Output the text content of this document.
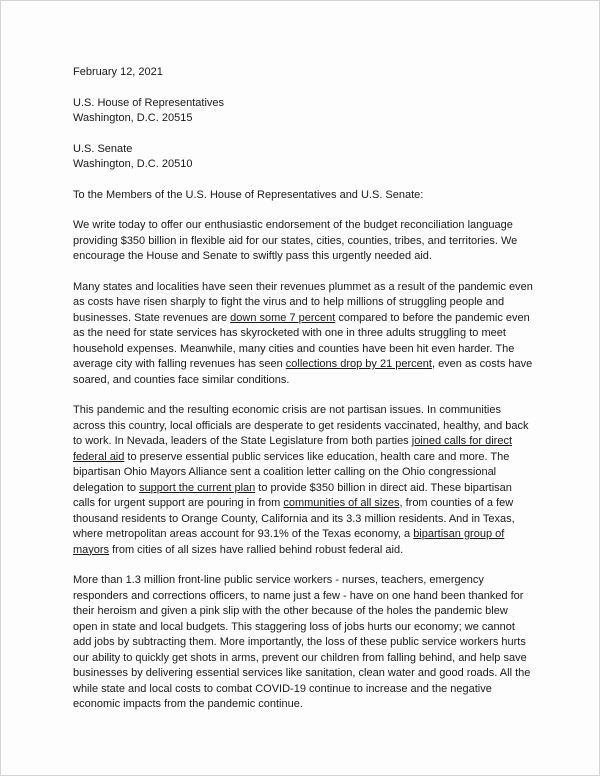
February 12, 2021
U.S. House of Representatives
Washington, D.C. 20515
U.S. Senate
Washington, D.C. 20510
To the Members of the U.S. House of Representatives and U.S. Senate:

We write today to offer our enthusiastic endorsement of the budget reconciliation language providing $350 billion in flexible aid for our states, cities, counties, tribes, and territories. We encourage the House and Senate to swiftly pass this urgently needed aid.

Many states and localities have seen their revenues plummet as a result of the pandemic even as costs have risen sharply to fight the virus and to help millions of struggling people and businesses. State revenues are down some 7 percent compared to before the pandemic even as the need for state services has skyrocketed with one in three adults struggling to meet household expenses. Meanwhile, many cities and counties have been hit even harder. The average city with falling revenues has seen collections drop by 21 percent, even as costs have soared, and counties face similar conditions.

This pandemic and the resulting economic crisis are not partisan issues. In communities across this country, local officials are desperate to get residents vaccinated, healthy, and back to work. In Nevada, leaders of the State Legislature from both parties joined calls for direct federal aid to preserve essential public services like education, health care and more. The bipartisan Ohio Mayors Alliance sent a coalition letter calling on the Ohio congressional delegation to support the current plan to provide $350 billion in direct aid. These bipartisan calls for urgent support are pouring in from communities of all sizes, from counties of a few thousand residents to Orange County, California and its 3.3 million residents. And in Texas, where metropolitan areas account for 93.1% of the Texas economy, a bipartisan group of mayors from cities of all sizes have rallied behind robust federal aid.

More than 1.3 million front-line public service workers - nurses, teachers, emergency responders and corrections officers, to name just a few - have on one hand been thanked for their heroism and given a pink slip with the other because of the holes the pandemic blew open in state and local budgets. This staggering loss of jobs hurts our economy; we cannot add jobs by subtracting them. More importantly, the loss of these public service workers hurts our ability to quickly get shots in arms, prevent our children from falling behind, and help save businesses by delivering essential services like sanitation, clean water and good roads. All the while state and local costs to combat COVID-19 continue to increase and the negative economic impacts from the pandemic continue.
